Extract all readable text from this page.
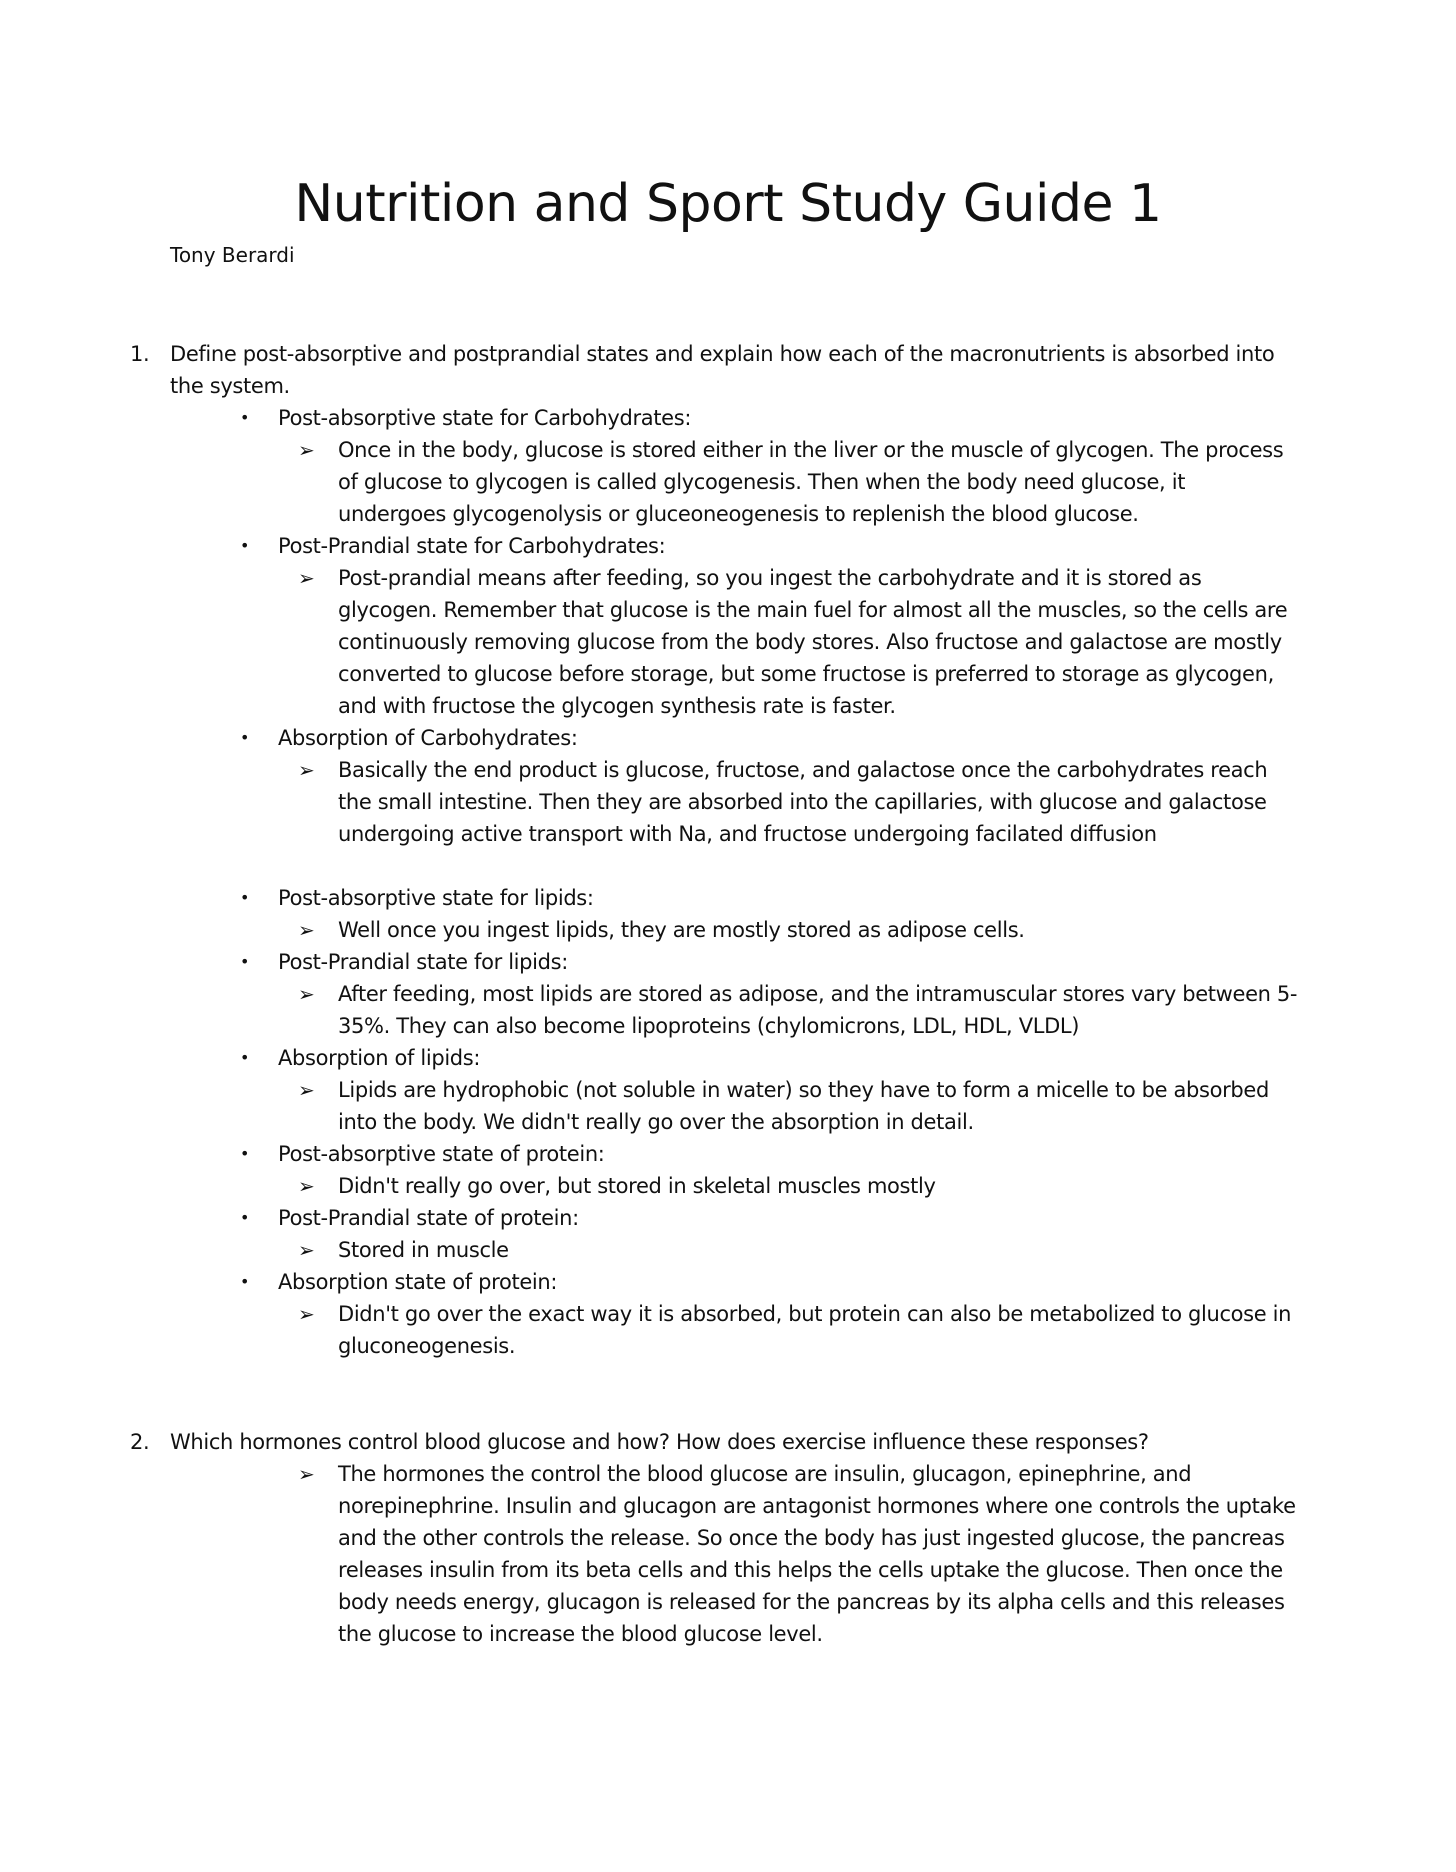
Nutrition and Sport Study Guide 1
Tony Berardi
1. Define post-absorptive and postprandial states and explain how each of the macronutrients is absorbed into the system.
• Post-absorptive state for Carbohydrates:
➢ Once in the body, glucose is stored either in the liver or the muscle of glycogen. The process of glucose to glycogen is called glycogenesis. Then when the body need glucose, it undergoes glycogenolysis or gluceoneogenesis to replenish the blood glucose.
• Post-Prandial state for Carbohydrates:
➢ Post-prandial means after feeding, so you ingest the carbohydrate and it is stored as glycogen. Remember that glucose is the main fuel for almost all the muscles, so the cells are continuously removing glucose from the body stores. Also fructose and galactose are mostly converted to glucose before storage, but some fructose is preferred to storage as glycogen, and with fructose the glycogen synthesis rate is faster.
• Absorption of Carbohydrates:
➢ Basically the end product is glucose, fructose, and galactose once the carbohydrates reach the small intestine. Then they are absorbed into the capillaries, with glucose and galactose undergoing active transport with Na, and fructose undergoing facilated diffusion
• Post-absorptive state for lipids:
➢ Well once you ingest lipids, they are mostly stored as adipose cells.
• Post-Prandial state for lipids:
➢ After feeding, most lipids are stored as adipose, and the intramuscular stores vary between 5-35%. They can also become lipoproteins (chylomicrons, LDL, HDL, VLDL)
• Absorption of lipids:
➢ Lipids are hydrophobic (not soluble in water) so they have to form a micelle to be absorbed into the body. We didn't really go over the absorption in detail.
• Post-absorptive state of protein:
➢ Didn't really go over, but stored in skeletal muscles mostly
• Post-Prandial state of protein:
➢ Stored in muscle
• Absorption state of protein:
➢ Didn't go over the exact way it is absorbed, but protein can also be metabolized to glucose in gluconeogenesis.
2. Which hormones control blood glucose and how? How does exercise influence these responses?
➢ The hormones the control the blood glucose are insulin, glucagon, epinephrine, and norepinephrine. Insulin and glucagon are antagonist hormones where one controls the uptake and the other controls the release. So once the body has just ingested glucose, the pancreas releases insulin from its beta cells and this helps the cells uptake the glucose. Then once the body needs energy, glucagon is released for the pancreas by its alpha cells and this releases the glucose to increase the blood glucose level.
